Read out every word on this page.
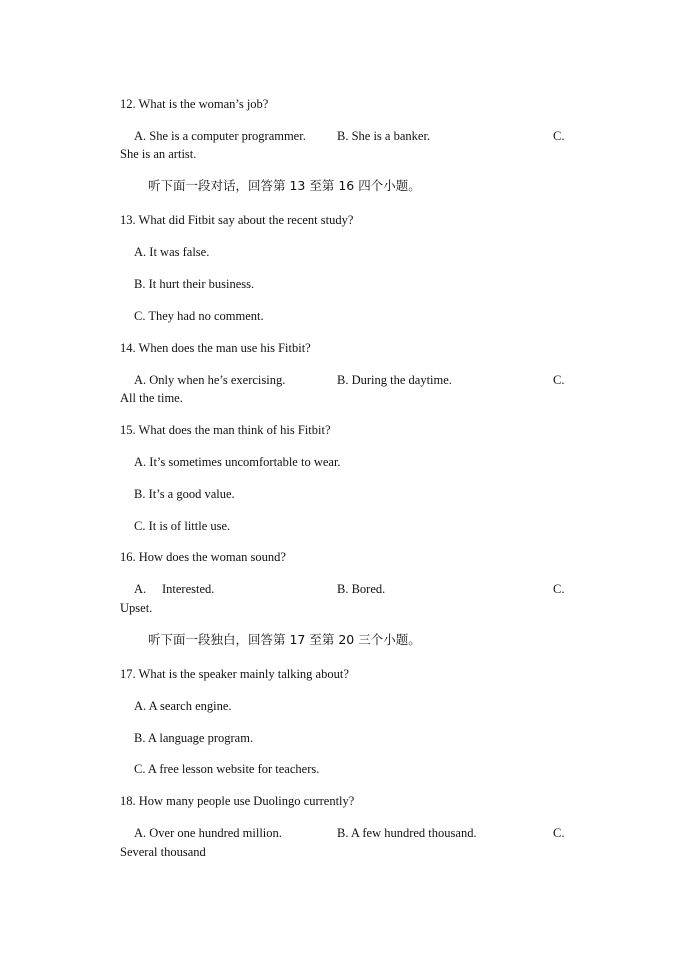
12. What is the woman’s job?
A. She is a computer programmer. B. She is a banker.	C.
She is an artist.
听下面一段对话，回答第 13 至第 16 四个小题。
13. What did Fitbit say about the recent study?
A. It was false.
B. It hurt their business.
C. They had no comment.
14. When does the man use his Fitbit?
A. Only when he’s exercising.	B. During the daytime.	C.
All the time.
15. What does the man think of his Fitbit?
A. It’s sometimes uncomfortable to wear.
B. It’s a good value.
C. It is of little use.
16. How does the woman sound?
A. Interested.	B. Bored.	C.
Upset.
听下面一段独白，回答第 17 至第 20 三个小题。
17. What is the speaker mainly talking about?
A. A search engine.
B. A language program.
C. A free lesson website for teachers.
18. How many people use Duolingo currently?
A. Over one hundred million.	B. A few hundred thousand.	C.
Several thousand
